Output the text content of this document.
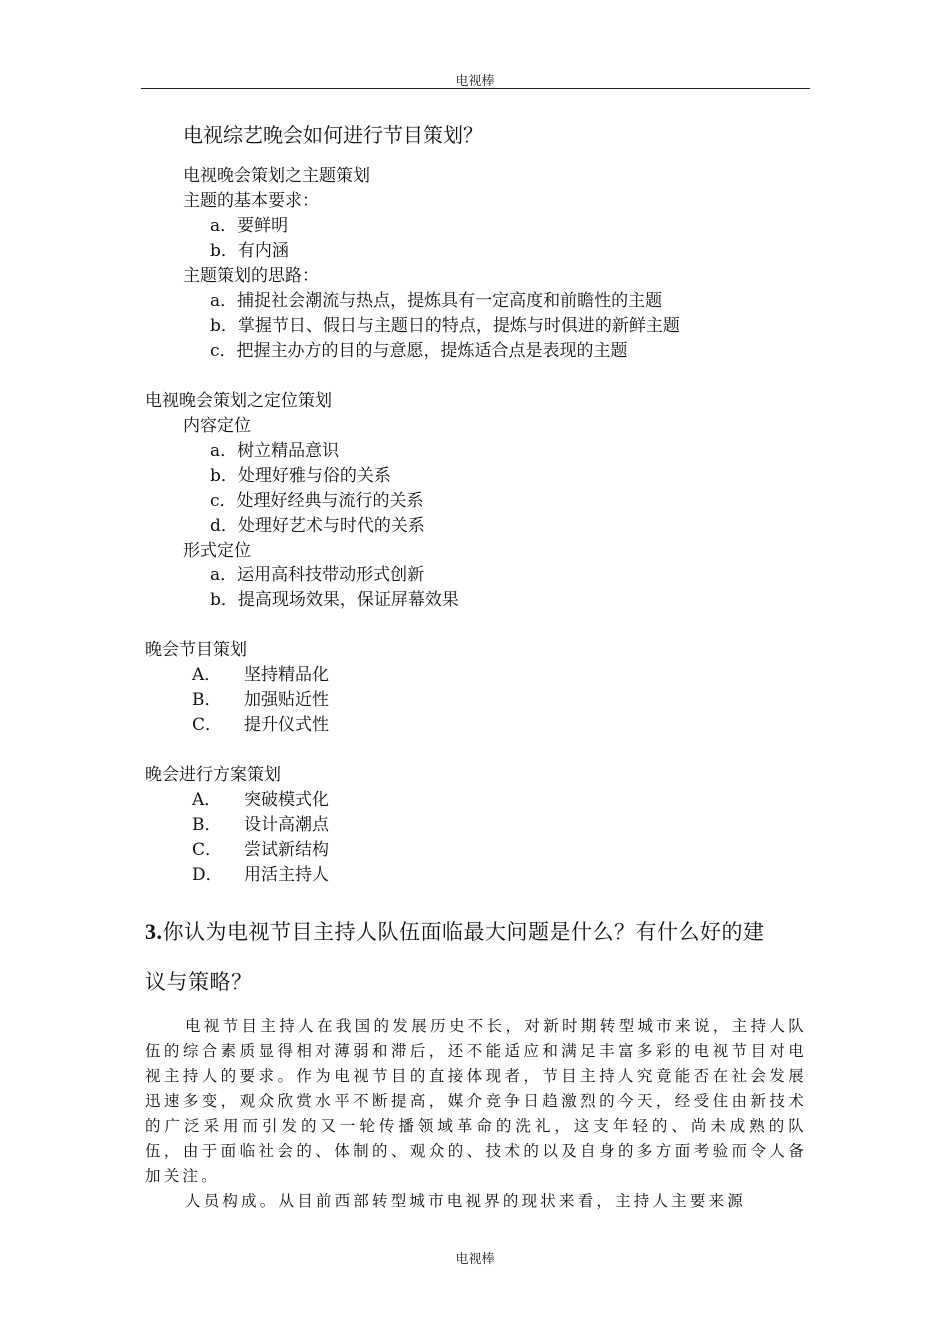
电视棒
电视综艺晚会如何进行节目策划？
电视晚会策划之主题策划
主题的基本要求：
a．要鲜明
b．有内涵
主题策划的思路：
a．捕捉社会潮流与热点，提炼具有一定高度和前瞻性的主题
b．掌握节日、假日与主题日的特点，提炼与时俱进的新鲜主题
c．把握主办方的目的与意愿，提炼适合点是表现的主题
电视晚会策划之定位策划
内容定位
a．树立精品意识
b．处理好雅与俗的关系
c．处理好经典与流行的关系
d．处理好艺术与时代的关系
形式定位
a．运用高科技带动形式创新
b．提高现场效果，保证屏幕效果
晚会节目策划
A． 坚持精品化
B． 加强贴近性
C． 提升仪式性
晚会进行方案策划
A． 突破模式化
B． 设计高潮点
C． 尝试新结构
D． 用活主持人
3.你认为电视节目主持人队伍面临最大问题是什么？有什么好的建
议与策略？

电视节目主持人在我国的发展历史不长，对新时期转型城市来说，主持人队伍的综合素质显得相对薄弱和滞后，还不能适应和满足丰富多彩的电视节目对电视主持人的要求。作为电视节目的直接体现者，节目主持人究竟能否在社会发展迅速多变，观众欣赏水平不断提高，媒介竞争日趋激烈的今天，经受住由新技术的广泛采用而引发的又一轮传播领域革命的洗礼，这支年轻的、尚未成熟的队伍，由于面临社会的、体制的、观众的、技术的以及自身的多方面考验而令人备加关注。

人员构成。从目前西部转型城市电视界的现状来看，主持人主要来源

电视棒
